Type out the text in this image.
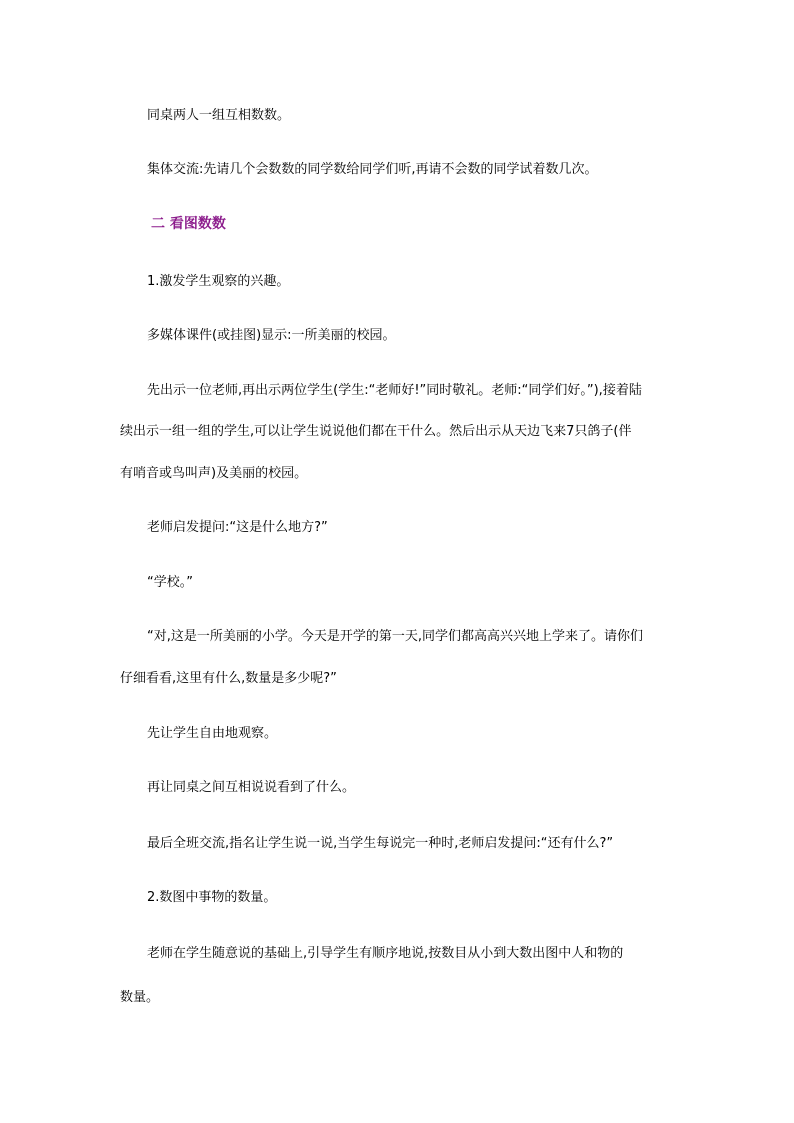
同桌两人一组互相数数。
集体交流:先请几个会数数的同学数给同学们听,再请不会数的同学试着数几次。
二 看图数数
1.激发学生观察的兴趣。
多媒体课件(或挂图)显示:一所美丽的校园。
先出示一位老师,再出示两位学生(学生:“老师好!”同时敬礼。老师:“同学们好。”),接着陆
续出示一组一组的学生,可以让学生说说他们都在干什么。然后出示从天边飞来7只鸽子(伴
有哨音或鸟叫声)及美丽的校园。
老师启发提问:“这是什么地方?”
“学校。”
“对,这是一所美丽的小学。今天是开学的第一天,同学们都高高兴兴地上学来了。请你们
仔细看看,这里有什么,数量是多少呢?”
先让学生自由地观察。
再让同桌之间互相说说看到了什么。
最后全班交流,指名让学生说一说,当学生每说完一种时,老师启发提问:“还有什么?”
2.数图中事物的数量。
老师在学生随意说的基础上,引导学生有顺序地说,按数目从小到大数出图中人和物的
数量。
